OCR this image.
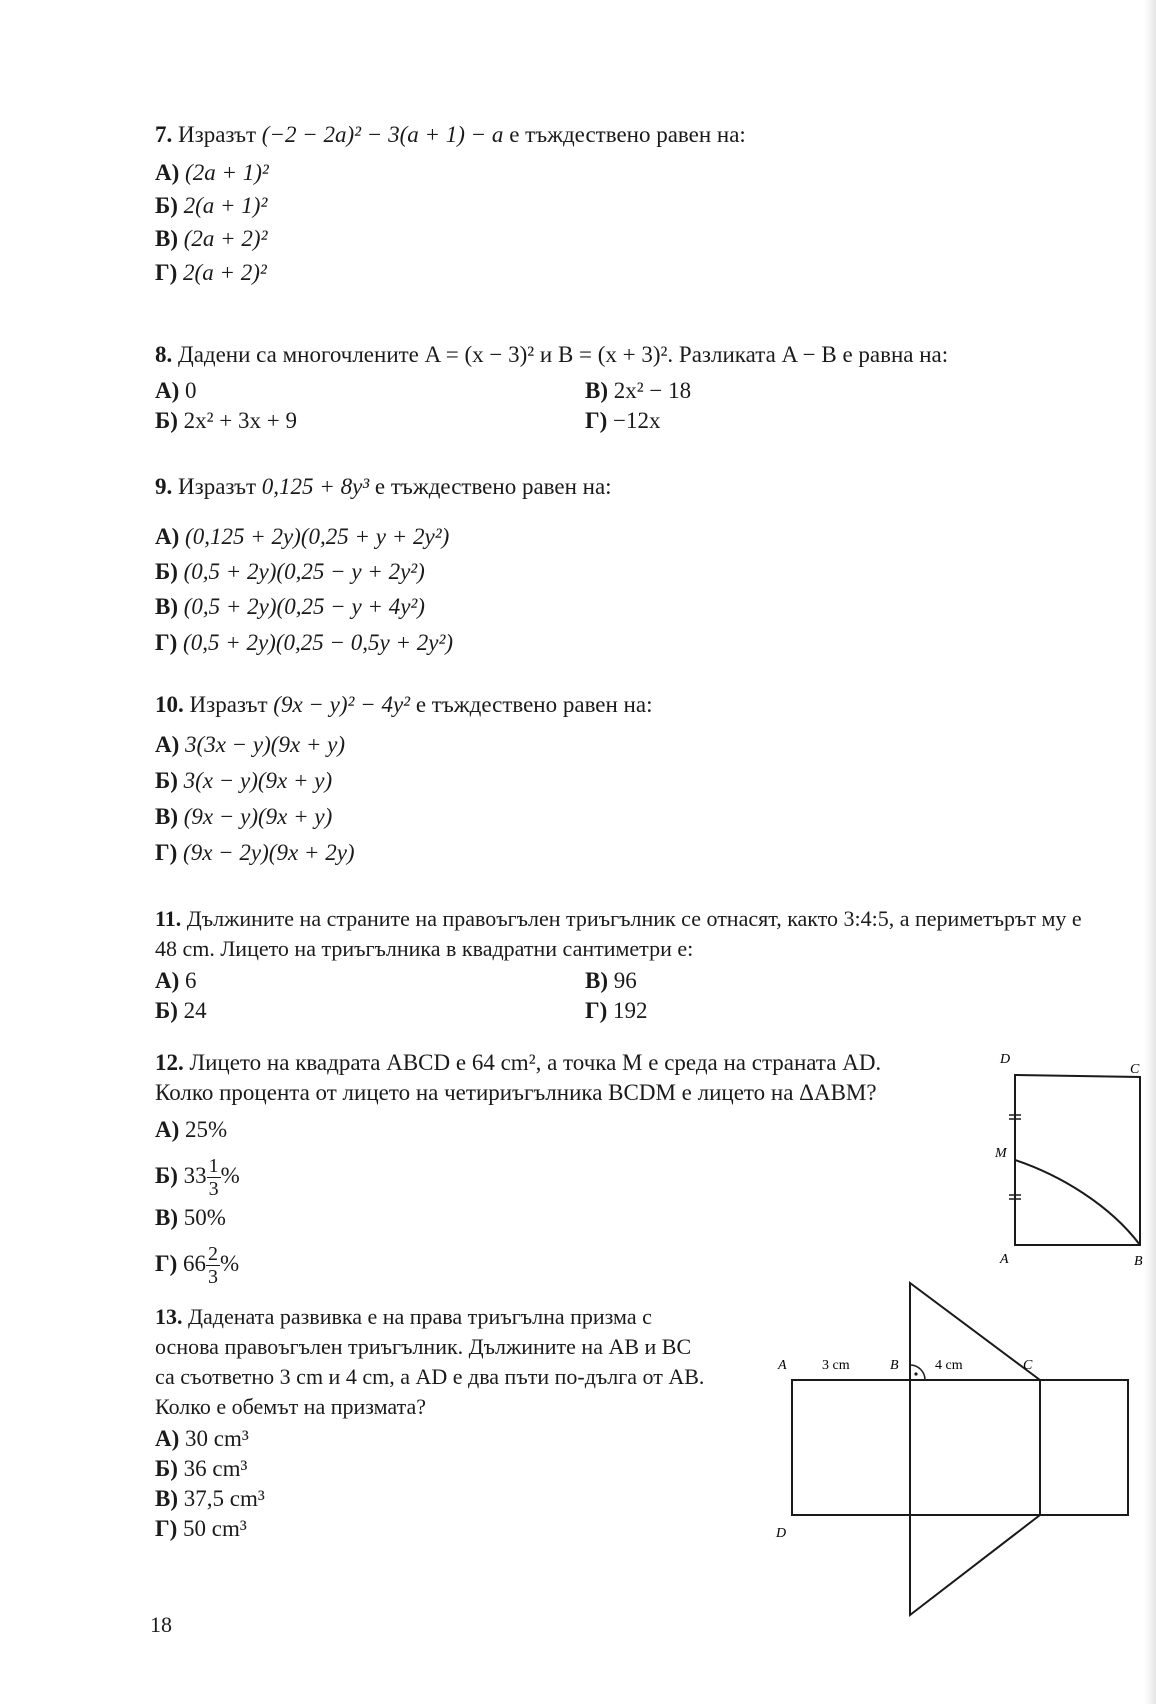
7. Изразът (−2 − 2a)² − 3(a + 1) − a е тъждествено равен на:
А) (2a + 1)²
Б) 2(a + 1)²
В) (2a + 2)²
Г) 2(a + 2)²
8. Дадени са многочлените A = (x − 3)² и B = (x + 3)². Разликата A − B е равна на:
А) 0
Б) 2x² + 3x + 9
В) 2x² − 18
Г) −12x
9. Изразът 0,125 + 8y³ е тъждествено равен на:
А) (0,125 + 2y)(0,25 + y + 2y²)
Б) (0,5 + 2y)(0,25 − y + 2y²)
В) (0,5 + 2y)(0,25 − y + 4y²)
Г) (0,5 + 2y)(0,25 − 0,5y + 2y²)
10. Изразът (9x − y)² − 4y² е тъждествено равен на:
А) 3(3x − y)(9x + y)
Б) 3(x − y)(9x + y)
В) (9x − y)(9x + y)
Г) (9x − 2y)(9x + 2y)
11. Дължините на страните на правоъгълен триъгълник се отнасят, както 3:4:5, а периметърът му е
48 cm. Лицето на триъгълника в квадратни сантиметри е:
А) 6
Б) 24
В) 96
Г) 192
12. Лицето на квадрата ABCD е 64 cm², а точка M е среда на страната AD.
Колко процента от лицето на четириъгълника BCDM е лицето на ΔABM?
А) 25%
Б) $33 \frac{1}{3}$ %
В) 50%
Г) $66 \frac{2}{3}$ %
D
C
M
A	B
13. Дадената развивка е на права триъгълна призма с
основа правоъгълен триъгълник. Дължините на AB и BC
са съответно 3 cm и 4 cm, а AD е два пъти по-дълга от AB.
Колко е обемът на призмата?
А) 30 cm³
Б) 36 cm³
В) 37,5 cm³
Г) 50 cm³
A	3 cm	B	4 cm	C
D
18
